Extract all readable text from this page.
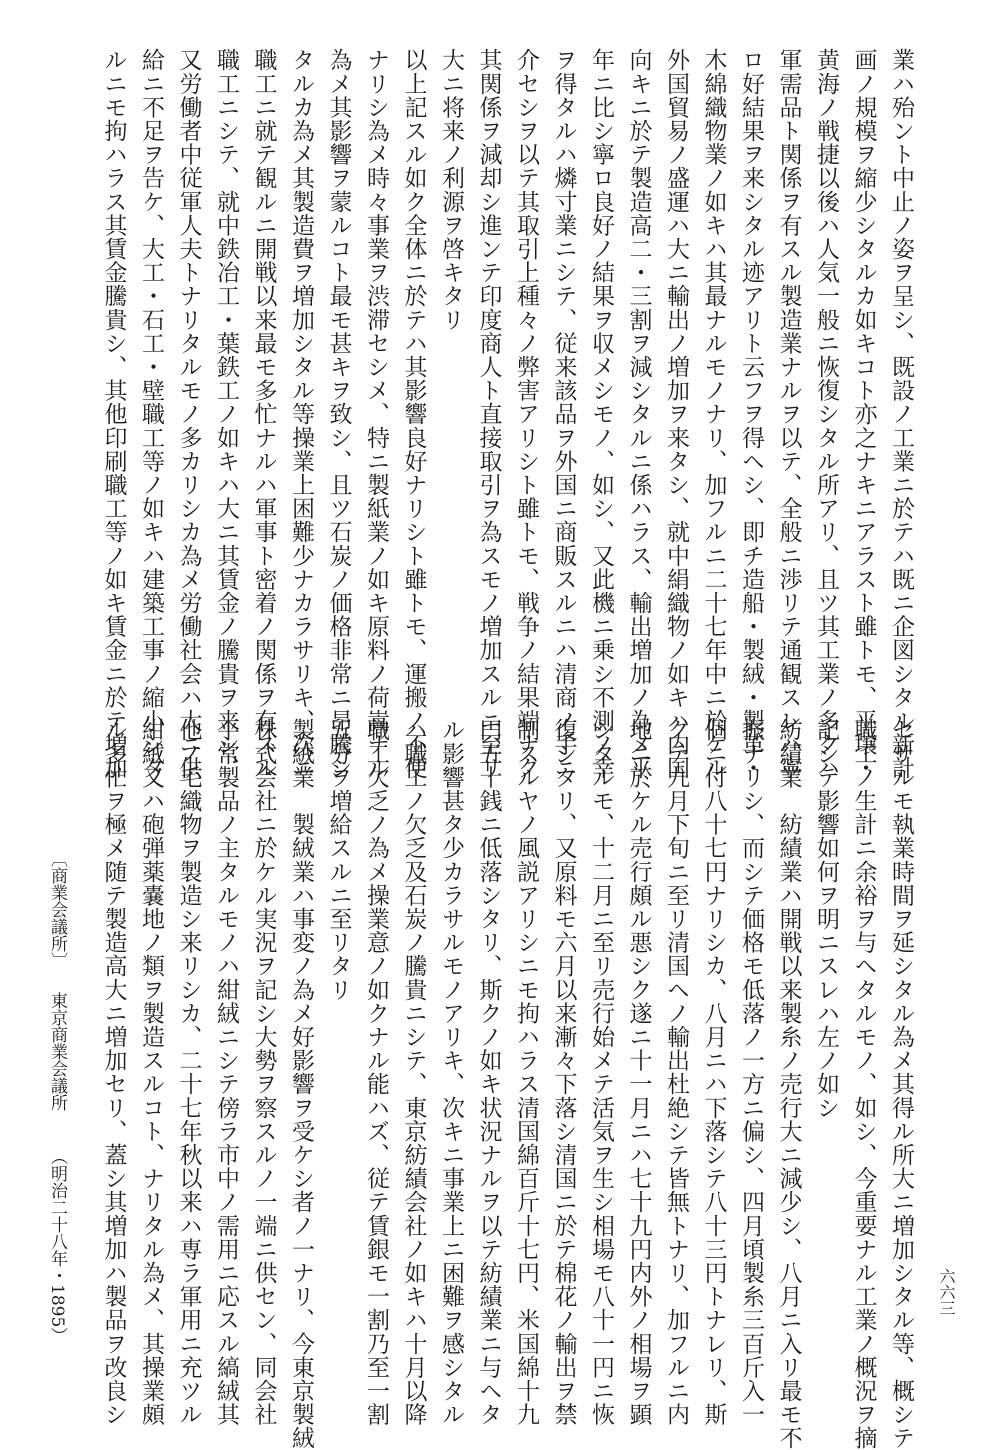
業ハ殆ント中止ノ姿ヲ呈シ、既設ノ工業ニ於テハ既ニ企図シタル新計
画ノ規模ヲ縮少シタルカ如キコト亦之ナキニアラスト雖トモ、平壌・
黄海ノ戦捷以後ハ人気一般ニ恢復シタル所アリ、且ツ其工業ノ多クハ
軍需品ト関係ヲ有スル製造業ナルヲ以テ、全般ニ渉リテ通観スレハ寧
ロ好結果ヲ来シタル迹アリト云フヲ得ヘシ、即チ造船・製絨・製革・
木綿織物業ノ如キハ其最ナルモノナリ、加フルニ二十七年中ニ於ケル
外国貿易ノ盛運ハ大ニ輸出ノ増加ヲ来タシ、就中絹織物ノ如キハ内国
向キニ於テ製造高二・三割ヲ減シタルニ係ハラス、輸出増加ノ為メ平
年ニ比シ寧ロ良好ノ結果ヲ収メシモノ、如シ、又此機ニ乗シ不測ノ幸
ヲ得タルハ燐寸業ニシテ、従来該品ヲ外国ニ商販スルニハ清商ノ手ニ
介セシヲ以テ其取引上種々ノ弊害アリシト雖トモ、戦争ノ結果端ナク
其関係ヲ減却シ進ンテ印度商人ト直接取引ヲ為スモノ増加スルニ至リ
大ニ将来ノ利源ヲ啓キタリ
以上記スル如ク全体ニ於テハ其影響良好ナリシト雖トモ、運搬ノ不便
ナリシ為メ時々事業ヲ渋滞セシメ、特ニ製紙業ノ如キ原料ノ荷嵩ナル
為メ其影響ヲ蒙ルコト最モ甚キヲ致シ、且ツ石炭ノ価格非常ニ昂騰シ
タルカ為メ其製造費ヲ増加シタル等操業上困難少ナカラサリキ、次ニ
職工ニ就テ観ルニ開戦以来最モ多忙ナルハ軍事ト密着ノ関係ヲ有スル
職工ニシテ、就中鉄冶工・葉鉄工ノ如キハ大ニ其賃金ノ騰貴ヲ来シ、
又労働者中従軍人夫トナリタルモノ多カリシカ為メ労働社会ハ大ニ供
給ニ不足ヲ告ケ、大工・石工・壁職工等ノ如キハ建築工事ノ縮小シタ
ルニモ拘ハラス其賃金騰貴シ、其他印刷職工等ノ如キ賃金ニ於テ増加
セサルモ執業時間ヲ延シタル為メ其得ル所大ニ増加シタル等、概シテ
職工ノ生計ニ余裕ヲ与ヘタルモノ、如シ、今重要ナル工業ノ概況ヲ摘
記シテ影響如何ヲ明ニスレハ左ノ如シ
紡績業　紡績業ハ開戦以来製糸ノ売行大ニ減少シ、八月ニ入リ最モ不
振ナリシ、而シテ価格モ低落ノ一方ニ偏シ、四月頃製糸三百斤入一
個ニ付八十七円ナリシカ、八月ニハ下落シテ八十三円トナレリ、斯
クテ九月下旬ニ至リ清国ヘノ輸出杜絶シテ皆無トナリ、加フルニ内
地ニ於ケル売行頗ル悪シク遂ニ十一月ニハ七十九円内外ノ相場ヲ顕
シタルモ、十二月ニ至リ売行始メテ活気ヲ生シ相場モ八十一円ニ恢
復シタリ、又原料モ六月以来漸々下落シ清国ニ於テ棉花ノ輸出ヲ禁
制スルヤノ風説アリシニモ拘ハラス清国綿百斤十七円、米国綿十九
円五十銭ニ低落シタリ、斯クノ如キ状況ナルヲ以テ紡績業ニ与ヘタ
ル影響甚タ少カラサルモノアリキ、次キニ事業上ニ困難ヲ感シタル
ハ職工ノ欠乏及石炭ノ騰貴ニシテ、東京紡績会社ノ如キハ十月以降
職工欠乏ノ為メ操業意ノ如クナル能ハズ、従テ賃銀モ一割乃至一割
五分ヲ増給スルニ至リタリ
製絨業　製絨業ハ事変ノ為メ好影響ヲ受ケシ者ノ一ナリ、今東京製絨
株式会社ニ於ケル実況ヲ記シ大勢ヲ察スルノ一端ニ供セン、同会社
平常製品ノ主タルモノハ紺絨ニシテ傍ラ市中ノ需用ニ応スル縞絨其
他ノ毛織物ヲ製造シ来リシカ、二十七年秋以来ハ専ラ軍用ニ充ツル
紺絨又ハ砲弾薬嚢地ノ類ヲ製造スルコト、ナリタル為メ、其操業頗
ル多忙ヲ極メ随テ製造高大ニ増加セリ、蓋シ其増加ハ製品ヲ改良シ
〔商業会議所〕
東京商業会議所
（明治二十八年・1895）	六六三
